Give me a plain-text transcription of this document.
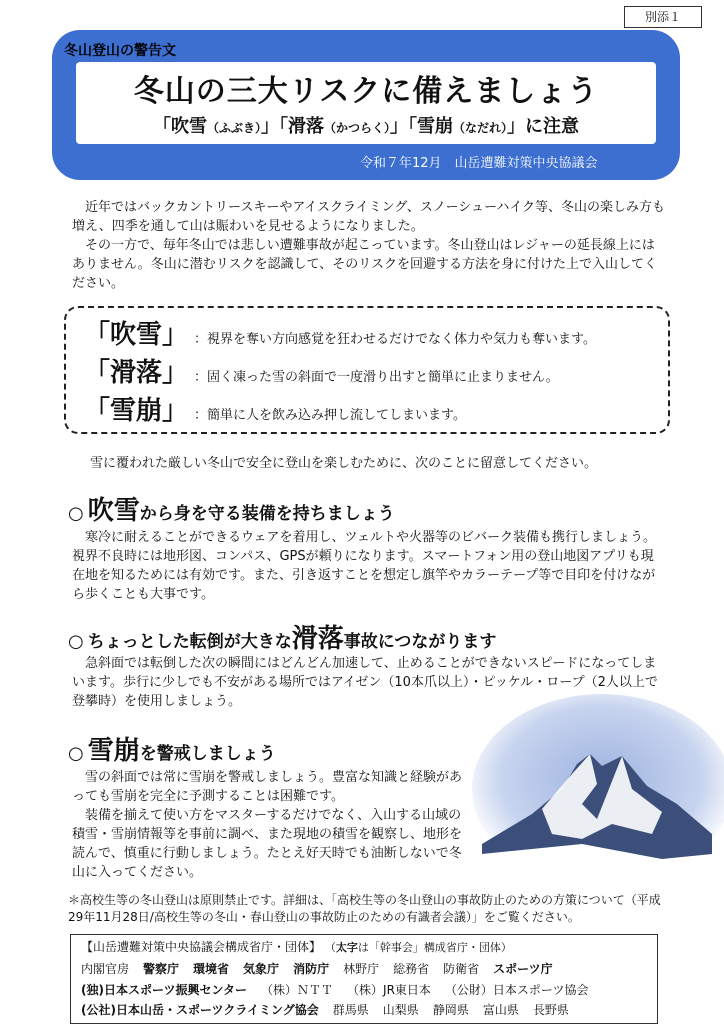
別添１
冬山登山の警告文
冬山の三大リスクに備えましょう
「吹雪（ふぶき）」「滑落（かつらく）」「雪崩（なだれ）」に注意
令和７年12月　山岳遭難対策中央協議会
　近年ではバックカントリースキーやアイスクライミング、スノーシューハイク等、冬山の楽しみ方も増え、四季を通して山は賑わいを見せるようになりました。
　その一方で、毎年冬山では悲しい遭難事故が起こっています。冬山登山はレジャーの延長線上にはありません。冬山に潜むリスクを認識して、そのリスクを回避する方法を身に付けた上で入山してください。
「吹雪」 ：視界を奪い方向感覚を狂わせるだけでなく体力や気力も奪います。
「滑落」 ：固く凍った雪の斜面で一度滑り出すと簡単に止まりません。
「雪崩」 ：簡単に人を飲み込み押し流してしまいます。
雪に覆われた厳しい冬山で安全に登山を楽しむために、次のことに留意してください。
○ 吹雪 から身を守る装備を持ちましょう
　寒冷に耐えることができるウェアを着用し、ツェルトや火器等のビバーク装備も携行しましょう。視界不良時には地形図、コンパス、GPSが頼りになります。スマートフォン用の登山地図アプリも現在地を知るためには有効です。また、引き返すことを想定し旗竿やカラーテープ等で目印を付けながら歩くことも大事です。
○ ちょっとした転倒が大きな 滑落 事故につながります
　急斜面では転倒した次の瞬間にはどんどん加速して、止めることができないスピードになってしまいます。歩行に少しでも不安がある場所ではアイゼン（10本爪以上）・ピッケル・ロープ（2人以上で登攀時）を使用しましょう。
○ 雪崩 を警戒しましょう
　雪の斜面では常に雪崩を警戒しましょう。豊富な知識と経験があっても雪崩を完全に予測することは困難です。
　装備を揃えて使い方をマスターするだけでなく、入山する山域の積雪・雪崩情報等を事前に調べ、また現地の積雪を観察し、地形を読んで、慎重に行動しましょう。たとえ好天時でも油断しないで冬山に入ってください。
＊高校生等の冬山登山は原則禁止です。詳細は、「高校生等の冬山登山の事故防止のための方策について（平成29年11月28日/高校生等の冬山・春山登山の事故防止のための有識者会議）」をご覧ください。
【山岳遭難対策中央協議会構成省庁・団体】 （太字は「幹事会」構成省庁・団体）
内閣官房 警察庁 環境省 気象庁 消防庁 林野庁 総務省 防衛省 スポーツ庁
(独)日本スポーツ振興センター （株）ＮＴＴ （株）JR東日本 （公財）日本スポーツ協会
(公社)日本山岳・スポーツクライミング協会 群馬県 山梨県 静岡県 富山県 長野県
